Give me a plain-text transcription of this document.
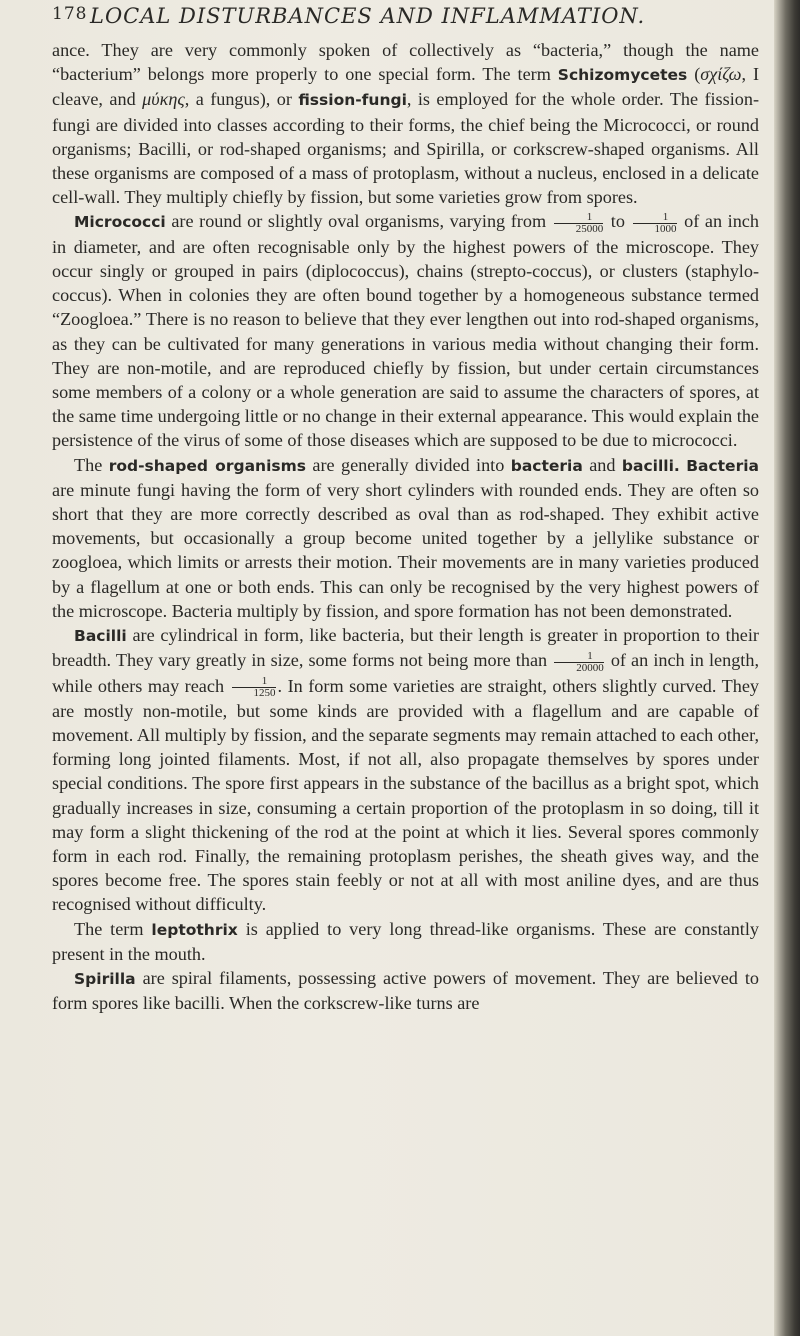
178 LOCAL DISTURBANCES AND INFLAMMATION.

ance. They are very commonly spoken of collectively as “bacteria,” though the name “bacterium” belongs more properly to one special form. The term Schizomycetes (σχίζω, I cleave, and μύκης, a fungus), or fission-fungi, is employed for the whole order. The fission-fungi are divided into classes according to their forms, the chief being the Micrococci, or round organisms; Bacilli, or rod-shaped organisms; and Spirilla, or corkscrew-shaped organisms. All these organisms are composed of a mass of protoplasm, without a nucleus, enclosed in a delicate cell-wall. They multiply chiefly by fission, but some varieties grow from spores.

Micrococci are round or slightly oval organisms, varying from $\frac{1}{25000}$ to $\frac{1}{1000}$ of an inch in diameter, and are often recognisable only by the highest powers of the microscope. They occur singly or grouped in pairs (diplococcus), chains (strepto-coccus), or clusters (staphylo-coccus). When in colonies they are often bound together by a homogeneous substance termed “Zoogloea.” There is no reason to believe that they ever lengthen out into rod-shaped organisms, as they can be cultivated for many generations in various media without changing their form. They are non-motile, and are reproduced chiefly by fission, but under certain circumstances some members of a colony or a whole generation are said to assume the characters of spores, at the same time undergoing little or no change in their external appearance. This would explain the persistence of the virus of some of those diseases which are supposed to be due to micrococci.

The rod-shaped organisms are generally divided into bacteria and bacilli. Bacteria are minute fungi having the form of very short cylinders with rounded ends. They are often so short that they are more correctly described as oval than as rod-shaped. They exhibit active movements, but occasionally a group become united together by a jellylike substance or zoogloea, which limits or arrests their motion. Their movements are in many varieties produced by a flagellum at one or both ends. This can only be recognised by the very highest powers of the microscope. Bacteria multiply by fission, and spore formation has not been demonstrated.

Bacilli are cylindrical in form, like bacteria, but their length is greater in proportion to their breadth. They vary greatly in size, some forms not being more than $\frac{1}{20000}$ of an inch in length, while others may reach $\frac{1}{1250}$ . In form some varieties are straight, others slightly curved. They are mostly non-motile, but some kinds are provided with a flagellum and are capable of movement. All multiply by fission, and the separate segments may remain attached to each other, forming long jointed filaments. Most, if not all, also propagate themselves by spores under special conditions. The spore first appears in the substance of the bacillus as a bright spot, which gradually increases in size, consuming a certain proportion of the protoplasm in so doing, till it may form a slight thickening of the rod at the point at which it lies. Several spores commonly form in each rod. Finally, the remaining protoplasm perishes, the sheath gives way, and the spores become free. The spores stain feebly or not at all with most aniline dyes, and are thus recognised without difficulty.

The term leptothrix is applied to very long thread-like organisms. These are constantly present in the mouth.

Spirilla are spiral filaments, possessing active powers of movement. They are believed to form spores like bacilli. When the corkscrew-like turns are
